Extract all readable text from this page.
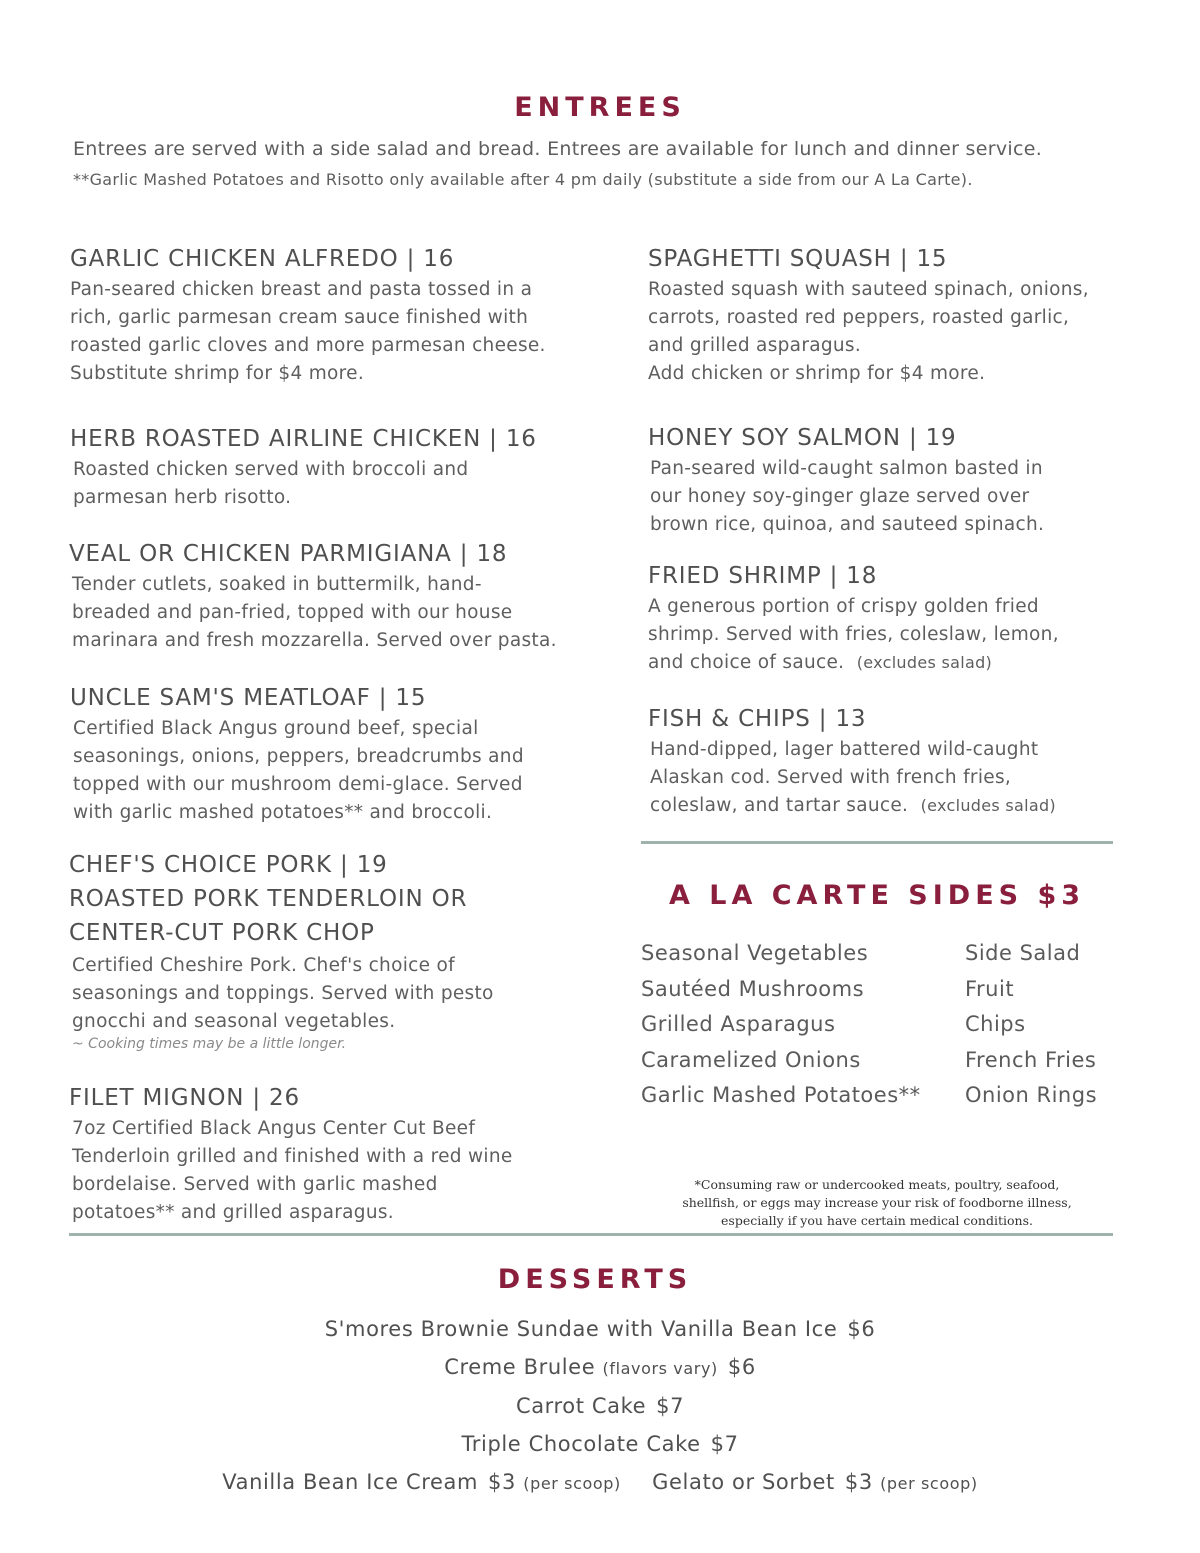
ENTREES
Entrees are served with a side salad and bread. Entrees are available for lunch and dinner service.
**Garlic Mashed Potatoes and Risotto only available after 4 pm daily (substitute a side from our A La Carte).
GARLIC CHICKEN ALFREDO | 16
Pan-seared chicken breast and pasta tossed in a
rich, garlic parmesan cream sauce finished with
roasted garlic cloves and more parmesan cheese.
Substitute shrimp for $4 more.
HERB ROASTED AIRLINE CHICKEN | 16
Roasted chicken served with broccoli and
parmesan herb risotto.
VEAL OR CHICKEN PARMIGIANA | 18
Tender cutlets, soaked in buttermilk, hand-
breaded and pan-fried, topped with our house
marinara and fresh mozzarella. Served over pasta.
UNCLE SAM'S MEATLOAF | 15
Certified Black Angus ground beef, special
seasonings, onions, peppers, breadcrumbs and
topped with our mushroom demi-glace. Served
with garlic mashed potatoes** and broccoli.
CHEF'S CHOICE PORK | 19
ROASTED PORK TENDERLOIN OR
CENTER-CUT PORK CHOP
Certified Cheshire Pork. Chef's choice of
seasonings and toppings. Served with pesto
gnocchi and seasonal vegetables.
~ Cooking times may be a little longer.
FILET MIGNON | 26
7oz Certified Black Angus Center Cut Beef
Tenderloin grilled and finished with a red wine
bordelaise. Served with garlic mashed
potatoes** and grilled asparagus.
SPAGHETTI SQUASH | 15
Roasted squash with sauteed spinach, onions,
carrots, roasted red peppers, roasted garlic,
and grilled asparagus.
Add chicken or shrimp for $4 more.
HONEY SOY SALMON | 19
Pan-seared wild-caught salmon basted in
our honey soy-ginger glaze served over
brown rice, quinoa, and sauteed spinach.
FRIED SHRIMP | 18
A generous portion of crispy golden fried
shrimp. Served with fries, coleslaw, lemon,
and choice of sauce. (excludes salad)
FISH & CHIPS | 13
Hand-dipped, lager battered wild-caught
Alaskan cod. Served with french fries,
coleslaw, and tartar sauce. (excludes salad)
A LA CARTE SIDES $3
Seasonal Vegetables
Sautéed Mushrooms
Grilled Asparagus
Caramelized Onions
Garlic Mashed Potatoes**
Side Salad
Fruit
Chips
French Fries
Onion Rings
*Consuming raw or undercooked meats, poultry, seafood,
shellfish, or eggs may increase your risk of foodborne illness,
especially if you have certain medical conditions.
DESSERTS
S'mores Brownie Sundae with Vanilla Bean Ice $6
Creme Brulee (flavors vary) $6
Carrot Cake $7
Triple Chocolate Cake $7
Vanilla Bean Ice Cream $3 (per scoop) Gelato or Sorbet $3 (per scoop)
